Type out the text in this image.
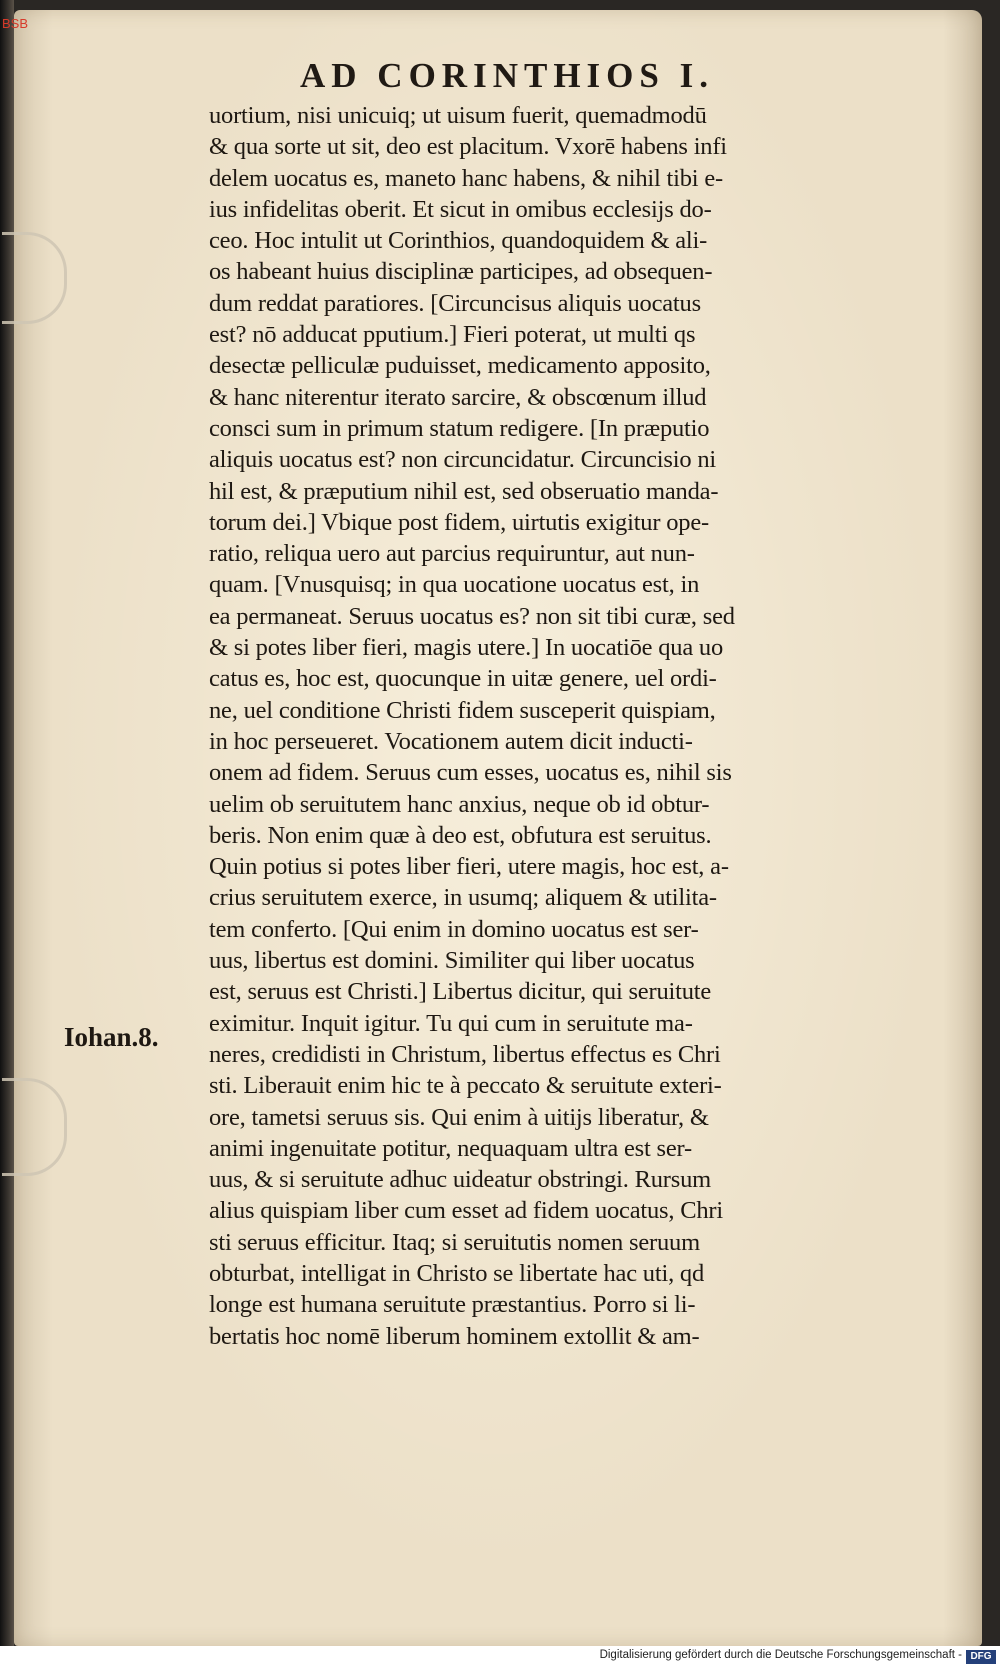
BSB
AD CORINTHIOS I.
uortium, nisi unicuiq; ut uisum fuerit, quemadmodū
& qua sorte ut sit, deo est placitum. Vxorē habens infi
delem uocatus es, maneto hanc habens, & nihil tibi e-
ius infidelitas oberit. Et sicut in omibus ecclesijs do-
ceo. Hoc intulit ut Corinthios, quandoquidem & ali-
os habeant huius disciplinæ participes, ad obsequen-
dum reddat paratiores. [Circuncisus aliquis uocatus
est? nō adducat pputium.] Fieri poterat, ut multi qs
desectæ pelliculæ puduisset, medicamento apposito,
& hanc niterentur iterato sarcire, & obscœnum illud
consci sum in primum statum redigere. [In præputio
aliquis uocatus est? non circuncidatur. Circuncisio ni
hil est, & præputium nihil est, sed obseruatio manda-
torum dei.] Vbique post fidem, uirtutis exigitur ope-
ratio, reliqua uero aut parcius requiruntur, aut nun-
quam. [Vnusquisq; in qua uocatione uocatus est, in
ea permaneat. Seruus uocatus es? non sit tibi curæ, sed
& si potes liber fieri, magis utere.] In uocatiōe qua uo
catus es, hoc est, quocunque in uitæ genere, uel ordi-
ne, uel conditione Christi fidem susceperit quispiam,
in hoc perseueret. Vocationem autem dicit inducti-
onem ad fidem. Seruus cum esses, uocatus es, nihil sis
uelim ob seruitutem hanc anxius, neque ob id obtur-
beris. Non enim quæ à deo est, obfutura est seruitus.
Quin potius si potes liber fieri, utere magis, hoc est, a-
crius seruitutem exerce, in usumq; aliquem & utilita-
tem conferto. [Qui enim in domino uocatus est ser-
uus, libertus est domini. Similiter qui liber uocatus
est, seruus est Christi.] Libertus dicitur, qui seruitute
eximitur. Inquit igitur. Tu qui cum in seruitute ma-
neres, credidisti in Christum, libertus effectus es Chri
sti. Liberauit enim hic te à peccato & seruitute exteri-
ore, tametsi seruus sis. Qui enim à uitijs liberatur, &
animi ingenuitate potitur, nequaquam ultra est ser-
uus, & si seruitute adhuc uideatur obstringi. Rursum
alius quispiam liber cum esset ad fidem uocatus, Chri
sti seruus efficitur. Itaq; si seruitutis nomen seruum
obturbat, intelligat in Christo se libertate hac uti, qd
longe est humana seruitute præstantius. Porro si li-
bertatis hoc nomē liberum hominem extollit & am-
Iohan.8.
Digitalisierung gefördert durch die Deutsche Forschungsgemeinschaft - DFG
